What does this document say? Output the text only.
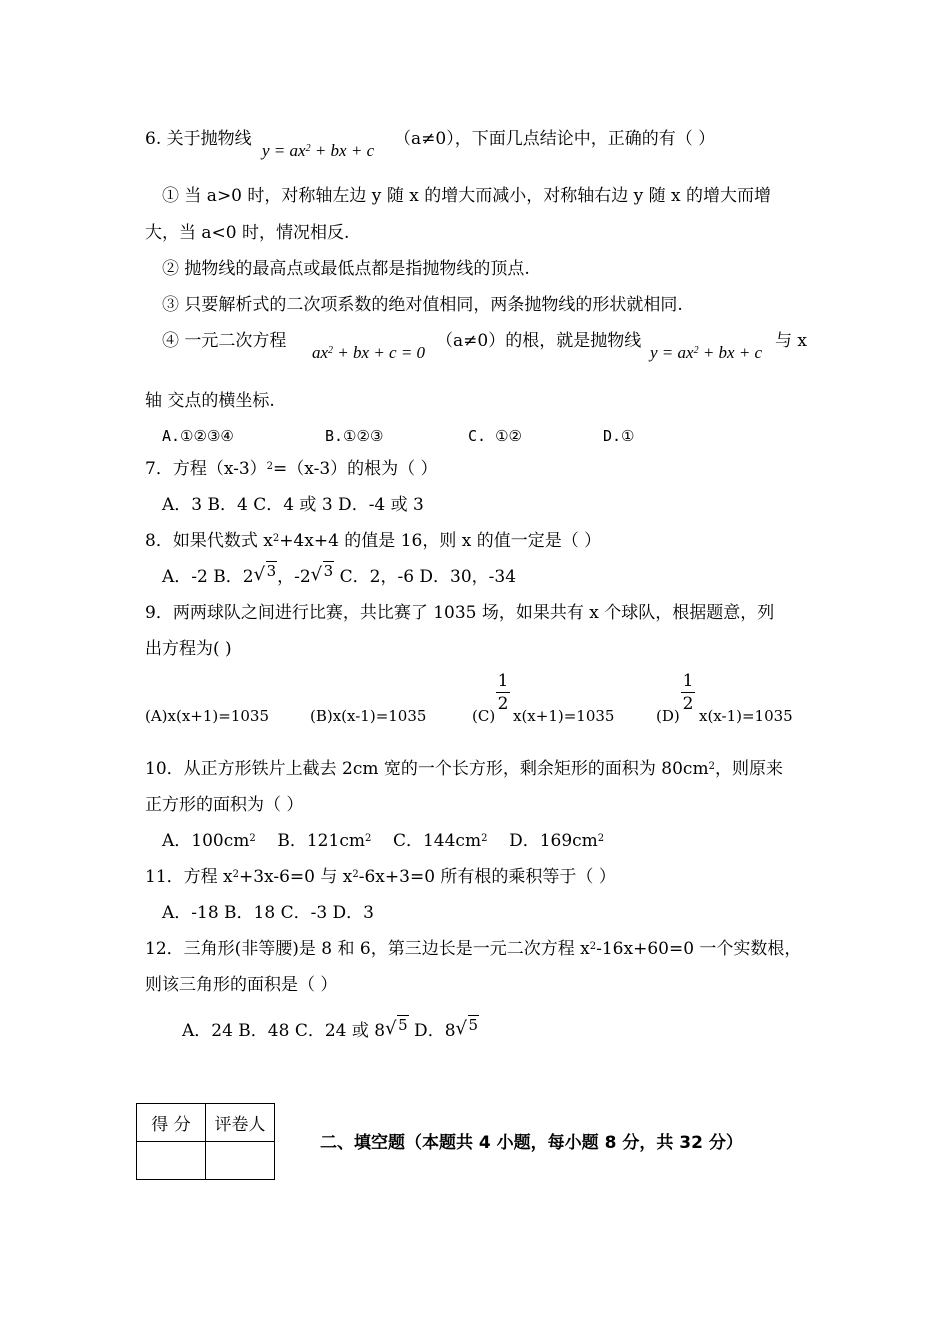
6. 关于抛物线
$y = ax^2$ + bx + c
（a≠0），下面几点结论中，正确的有（ ）
① 当 a>0 时，对称轴左边 y 随 x 的增大而减小，对称轴右边 y 随 x 的增大而增
大，当 a<0 时，情况相反.
② 抛物线的最高点或最低点都是指抛物线的顶点.
③ 只要解析式的二次项系数的绝对值相同，两条抛物线的形状就相同.
④ 一元二次方程
$ax^2$ + bx + c = 0
（a≠0）的根，就是抛物线
$y = ax^2$ + bx + c
与 x
轴 交点的横坐标.
A.①②③④	B.①②③	C. ①②	D.①
7．方程$(x-3)^2=(x-3)$的根为（ ）
A．3 B．4 C．4 或 3 D．-4 或 3
8．如果代数式 $x^2+4x+4$ 的值是 16，则 x 的值一定是（ ）
A．-2 B．2 √ 3，-2 √ 3 C．2，-6 D．30，-34
9．两两球队之间进行比赛，共比赛了 1035 场，如果共有 x 个球队，根据题意，列
出方程为( )
(A)x(x+1)=1035	(B)x(x-1)=1035	(C)
1
2
x(x+1)=1035	(D)
1
2
x(x-1)=1035
10．从正方形铁片上截去 2cm 宽的一个长方形，剩余矩形的面积为 $80cm^2$，则原来
正方形的面积为（ ）
A．$100cm^2$ B．$121cm^2$ C．$144cm^2$ D．$169cm^2$
11．方程 $x^2+3x-6=0$ 与 $x^2-6x+3=0$ 所有根的乘积等于（ ）
A．-18 B．18 C．-3 D．3
12．三角形(非等腰)是 8 和 6，第三边长是一元二次方程 $x^2-16x+60=0$ 一个实数根，
则该三角形的面积是（ ）
A．24 B．48 C．24 或 8 √ 5 D．8 √ 5
得 分	评卷人

二、填空题（本题共 4 小题，每小题 8 分，共 32 分）
